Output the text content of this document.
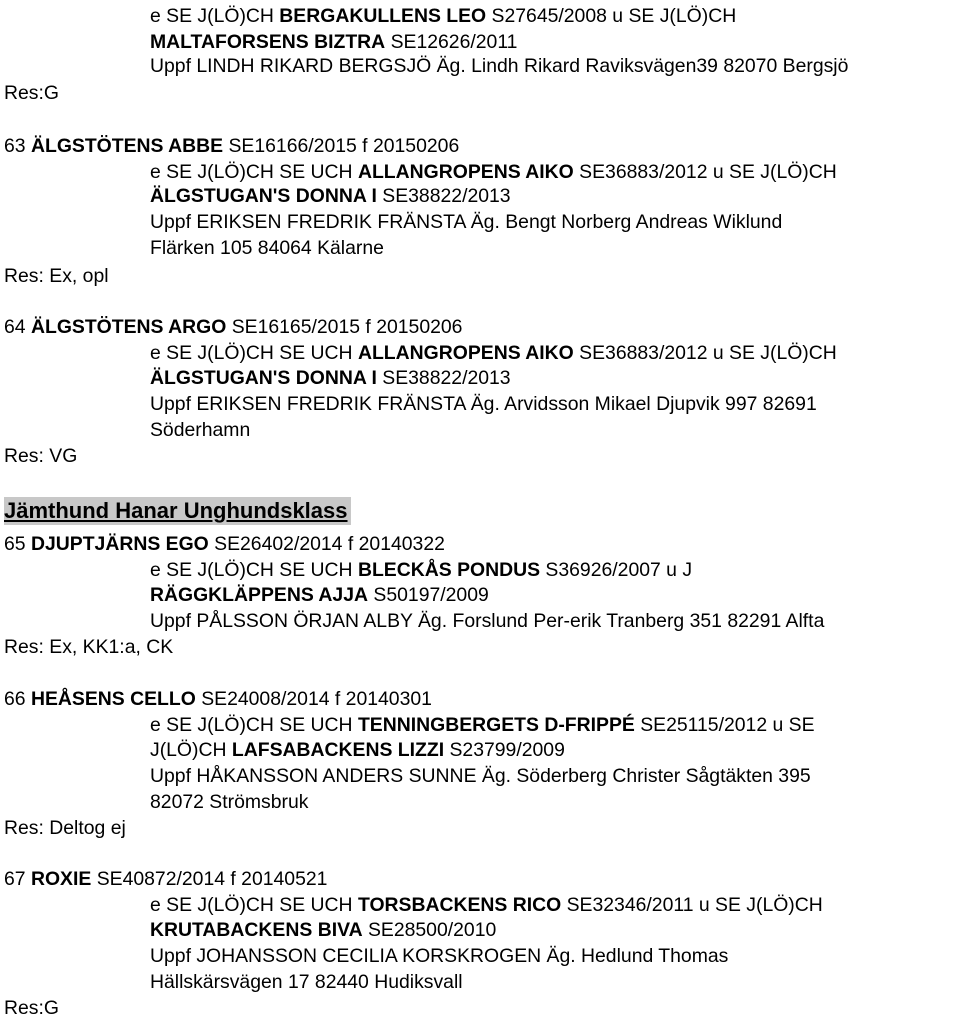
e SE J(LÖ)CH BERGAKULLENS LEO S27645/2008 u SE J(LÖ)CH
MALTAFORSENS BIZTRA SE12626/2011
Uppf LINDH RIKARD BERGSJÖ Äg. Lindh Rikard Raviksvägen39 82070 Bergsjö
Res:G
63 ÄLGSTÖTENS ABBE SE16166/2015 f 20150206
e SE J(LÖ)CH SE UCH ALLANGROPENS AIKO SE36883/2012 u SE J(LÖ)CH
ÄLGSTUGAN'S DONNA I SE38822/2013
Uppf ERIKSEN FREDRIK FRÄNSTA Äg. Bengt Norberg Andreas Wiklund
Flärken 105 84064 Kälarne
Res: Ex, opl
64 ÄLGSTÖTENS ARGO SE16165/2015 f 20150206
e SE J(LÖ)CH SE UCH ALLANGROPENS AIKO SE36883/2012 u SE J(LÖ)CH
ÄLGSTUGAN'S DONNA I SE38822/2013
Uppf ERIKSEN FREDRIK FRÄNSTA Äg. Arvidsson Mikael Djupvik 997 82691
Söderhamn
Res: VG
Jämthund Hanar Unghundsklass
65 DJUPTJÄRNS EGO SE26402/2014 f 20140322
e SE J(LÖ)CH SE UCH BLECKÅS PONDUS S36926/2007 u J
RÄGGKLÄPPENS AJJA S50197/2009
Uppf PÅLSSON ÖRJAN ALBY Äg. Forslund Per-erik Tranberg 351 82291 Alfta
Res: Ex, KK1:a, CK
66 HEÅSENS CELLO SE24008/2014 f 20140301
e SE J(LÖ)CH SE UCH TENNINGBERGETS D-FRIPPÉ SE25115/2012 u SE
J(LÖ)CH LAFSABACKENS LIZZI S23799/2009
Uppf HÅKANSSON ANDERS SUNNE Äg. Söderberg Christer Sågtäkten 395
82072 Strömsbruk
Res: Deltog ej
67 ROXIE SE40872/2014 f 20140521
e SE J(LÖ)CH SE UCH TORSBACKENS RICO SE32346/2011 u SE J(LÖ)CH
KRUTABACKENS BIVA SE28500/2010
Uppf JOHANSSON CECILIA KORSKROGEN Äg. Hedlund Thomas
Hällskärsvägen 17 82440 Hudiksvall
Res:G
